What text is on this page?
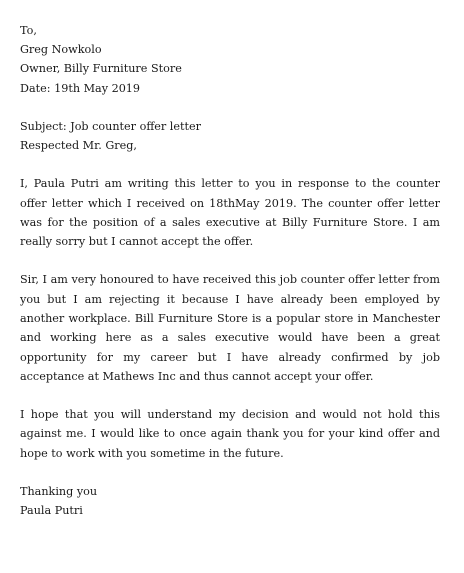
To,
Greg Nowkolo
Owner, Billy Furniture Store
Date: 19th May 2019
Subject: Job counter offer letter
Respected Mr. Greg,

I, Paula Putri am writing this letter to you in response to the counter offer letter which I received on 18thMay 2019. The counter offer letter was for the position of a sales executive at Billy Furniture Store. I am really sorry but I cannot accept the offer.

Sir, I am very honoured to have received this job counter offer letter from you but I am rejecting it because I have already been employed by another workplace. Bill Furniture Store is a popular store in Manchester and working here as a sales executive would have been a great opportunity for my career but I have already confirmed by job acceptance at Mathews Inc and thus cannot accept your offer.

I hope that you will understand my decision and would not hold this against me. I would like to once again thank you for your kind offer and hope to work with you sometime in the future.

Thanking you
Paula Putri
